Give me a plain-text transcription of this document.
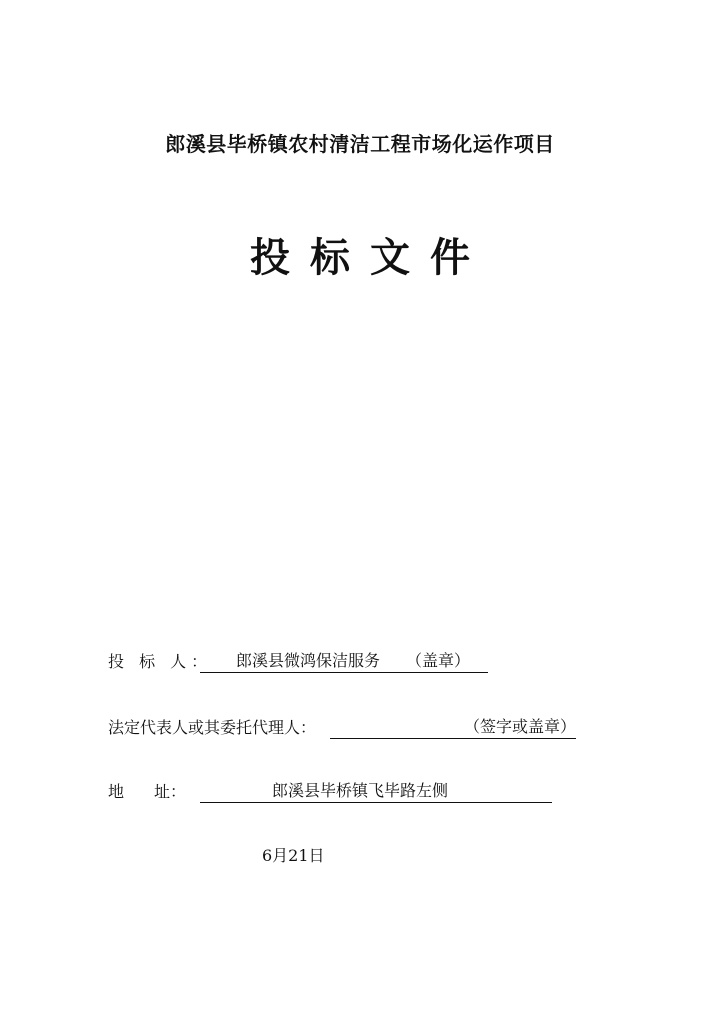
郎溪县毕桥镇农村清洁工程市场化运作项目
投标文件
投 标 人： 郎溪县微鸿保洁服务 （盖章）
法定代表人或其委托代理人：	（签字或盖章）
地 址：	郎溪县毕桥镇飞毕路左侧
6月21日
